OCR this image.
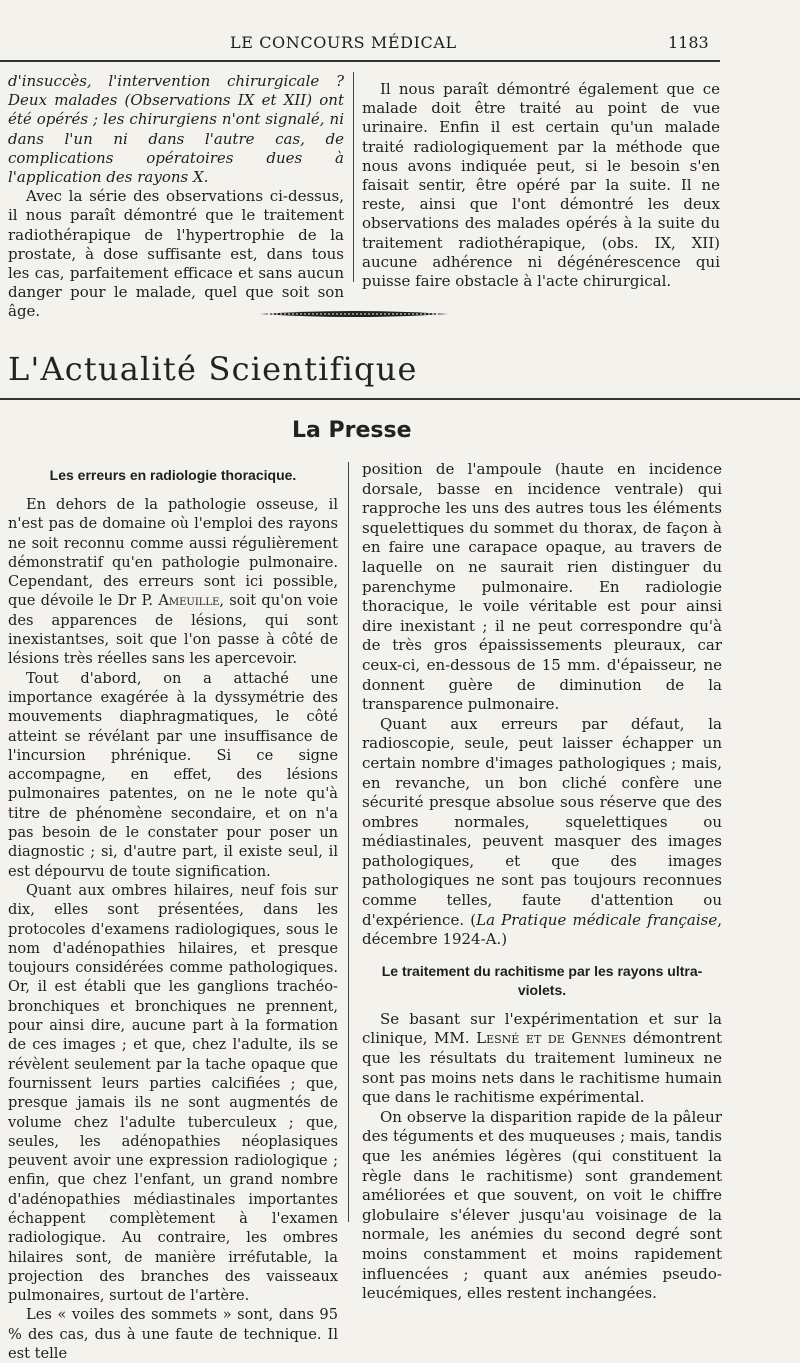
LE CONCOURS MÉDICAL	1183

d'insuccès, l'intervention chirurgicale ? Deux malades (Observations IX et XII) ont été opérés ; les chirurgiens n'ont signalé, ni dans l'un ni dans l'autre cas, de complications opératoires dues à l'application des rayons X.

Avec la série des observations ci-dessus, il nous paraît démontré que le traitement radiothérapique de l'hypertrophie de la prostate, à dose suffisante est, dans tous les cas, parfaitement efficace et sans aucun danger pour le malade, quel que soit son âge.

Il nous paraît démontré également que ce malade doit être traité au point de vue urinaire. Enfin il est certain qu'un malade traité radiologiquement par la méthode que nous avons indiquée peut, si le besoin s'en faisait sentir, être opéré par la suite. Il ne reste, ainsi que l'ont démontré les deux observations des malades opérés à la suite du traitement radiothérapique, (obs. IX, XII) aucune adhérence ni dégénérescence qui puisse faire obstacle à l'acte chirurgical.

L'Actualité Scientifique
La Presse
Les erreurs en radiologie thoracique.

En dehors de la pathologie osseuse, il n'est pas de domaine où l'emploi des rayons ne soit reconnu comme aussi régulièrement démonstratif qu'en pathologie pulmonaire. Cependant, des erreurs sont ici possible, que dévoile le Dr P. Ameuille, soit qu'on voie des apparences de lésions, qui sont inexistantses, soit que l'on passe à côté de lésions très réelles sans les apercevoir.

Tout d'abord, on a attaché une importance exagérée à la dyssymétrie des mouvements diaphragmatiques, le côté atteint se révélant par une insuffisance de l'incursion phrénique. Si ce signe accompagne, en effet, des lésions pulmonaires patentes, on ne le note qu'à titre de phénomène secondaire, et on n'a pas besoin de le constater pour poser un diagnostic ; si, d'autre part, il existe seul, il est dépourvu de toute signification.

Quant aux ombres hilaires, neuf fois sur dix, elles sont présentées, dans les protocoles d'examens radiologiques, sous le nom d'adénopathies hilaires, et presque toujours considérées comme pathologiques. Or, il est établi que les ganglions trachéo-bronchiques et bronchiques ne prennent, pour ainsi dire, aucune part à la formation de ces images ; et que, chez l'adulte, ils se révèlent seulement par la tache opaque que fournissent leurs parties calcifiées ; que, presque jamais ils ne sont augmentés de volume chez l'adulte tuberculeux ; que, seules, les adénopathies néoplasiques peuvent avoir une expression radiologique ; enfin, que chez l'enfant, un grand nombre d'adénopathies médiastinales importantes échappent complètement à l'examen radiologique. Au contraire, les ombres hilaires sont, de manière irréfutable, la projection des branches des vaisseaux pulmonaires, surtout de l'artère.

Les « voiles des sommets » sont, dans 95 % des cas, dus à une faute de technique. Il est telle

position de l'ampoule (haute en incidence dorsale, basse en incidence ventrale) qui rapproche les uns des autres tous les éléments squelettiques du sommet du thorax, de façon à en faire une carapace opaque, au travers de laquelle on ne saurait rien distinguer du parenchyme pulmonaire. En radiologie thoracique, le voile véritable est pour ainsi dire inexistant ; il ne peut correspondre qu'à de très gros épaississements pleuraux, car ceux-ci, en-dessous de 15 mm. d'épaisseur, ne donnent guère de diminution de la transparence pulmonaire.

Quant aux erreurs par défaut, la radioscopie, seule, peut laisser échapper un certain nombre d'images pathologiques ; mais, en revanche, un bon cliché confère une sécurité presque absolue sous réserve que des ombres normales, squelettiques ou médiastinales, peuvent masquer des images pathologiques, et que des images pathologiques ne sont pas toujours reconnues comme telles, faute d'attention ou d'expérience. (La Pratique médicale française, décembre 1924-A.)

Le traitement du rachitisme par les rayons ultra-violets.

Se basant sur l'expérimentation et sur la clinique, MM. Lesné et de Gennes démontrent que les résultats du traitement lumineux ne sont pas moins nets dans le rachitisme humain que dans le rachitisme expérimental.

On observe la disparition rapide de la pâleur des téguments et des muqueuses ; mais, tandis que les anémies légères (qui constituent la règle dans le rachitisme) sont grandement améliorées et que souvent, on voit le chiffre globulaire s'élever jusqu'au voisinage de la normale, les anémies du second degré sont moins constamment et moins rapidement influencées ; quant aux anémies pseudo-leucémiques, elles restent inchangées.
